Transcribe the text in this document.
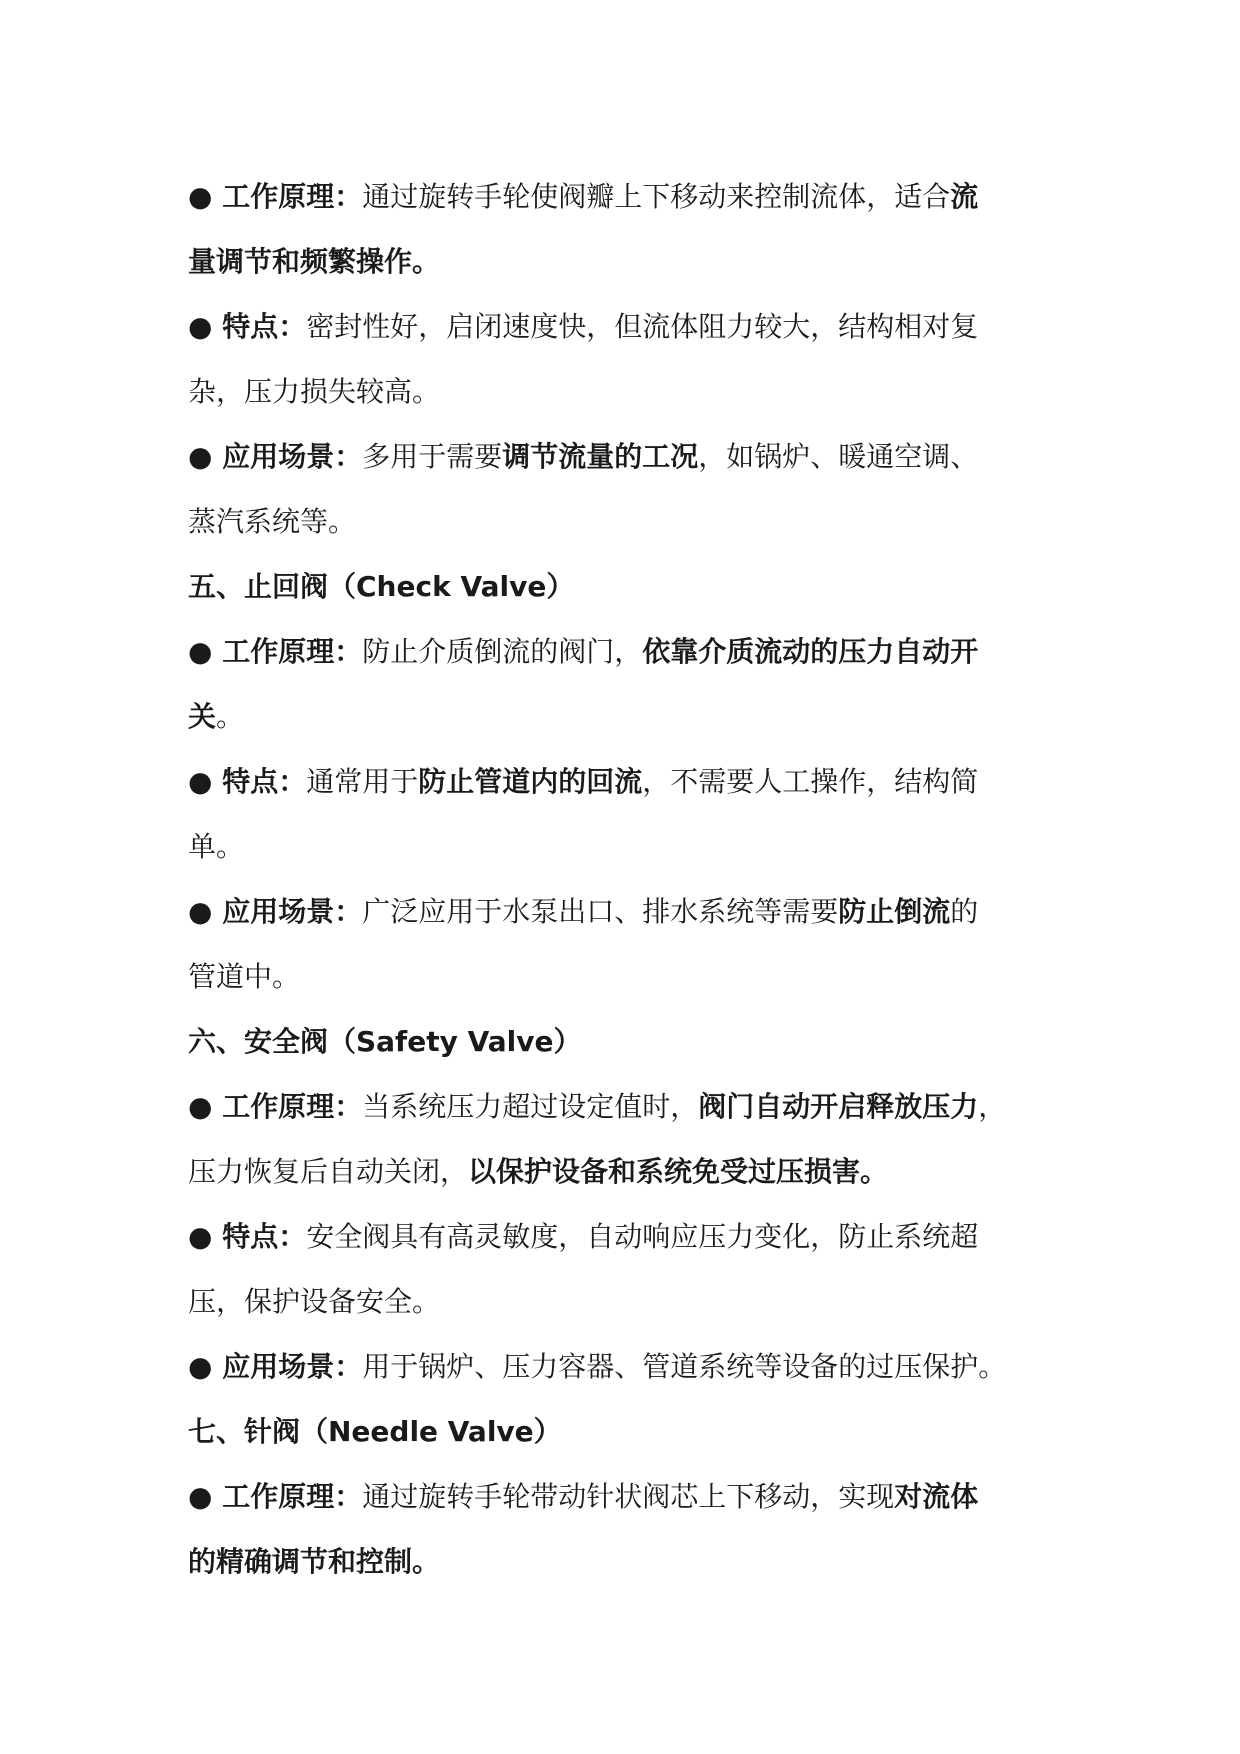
● 工作原理：通过旋转手轮使阀瓣上下移动来控制流体，适合流
量调节和频繁操作。
● 特点：密封性好，启闭速度快，但流体阻力较大，结构相对复
杂，压力损失较高。
● 应用场景：多用于需要调节流量的工况，如锅炉、暖通空调、
蒸汽系统等。
五、止回阀（Check Valve）
● 工作原理：防止介质倒流的阀门，依靠介质流动的压力自动开
关。
● 特点：通常用于防止管道内的回流，不需要人工操作，结构简
单。
● 应用场景：广泛应用于水泵出口、排水系统等需要防止倒流的
管道中。
六、安全阀（Safety Valve）
● 工作原理：当系统压力超过设定值时，阀门自动开启释放压力，
压力恢复后自动关闭，以保护设备和系统免受过压损害。
● 特点：安全阀具有高灵敏度，自动响应压力变化，防止系统超
压，保护设备安全。
● 应用场景：用于锅炉、压力容器、管道系统等设备的过压保护。
七、针阀（Needle Valve）
● 工作原理：通过旋转手轮带动针状阀芯上下移动，实现对流体
的精确调节和控制。
